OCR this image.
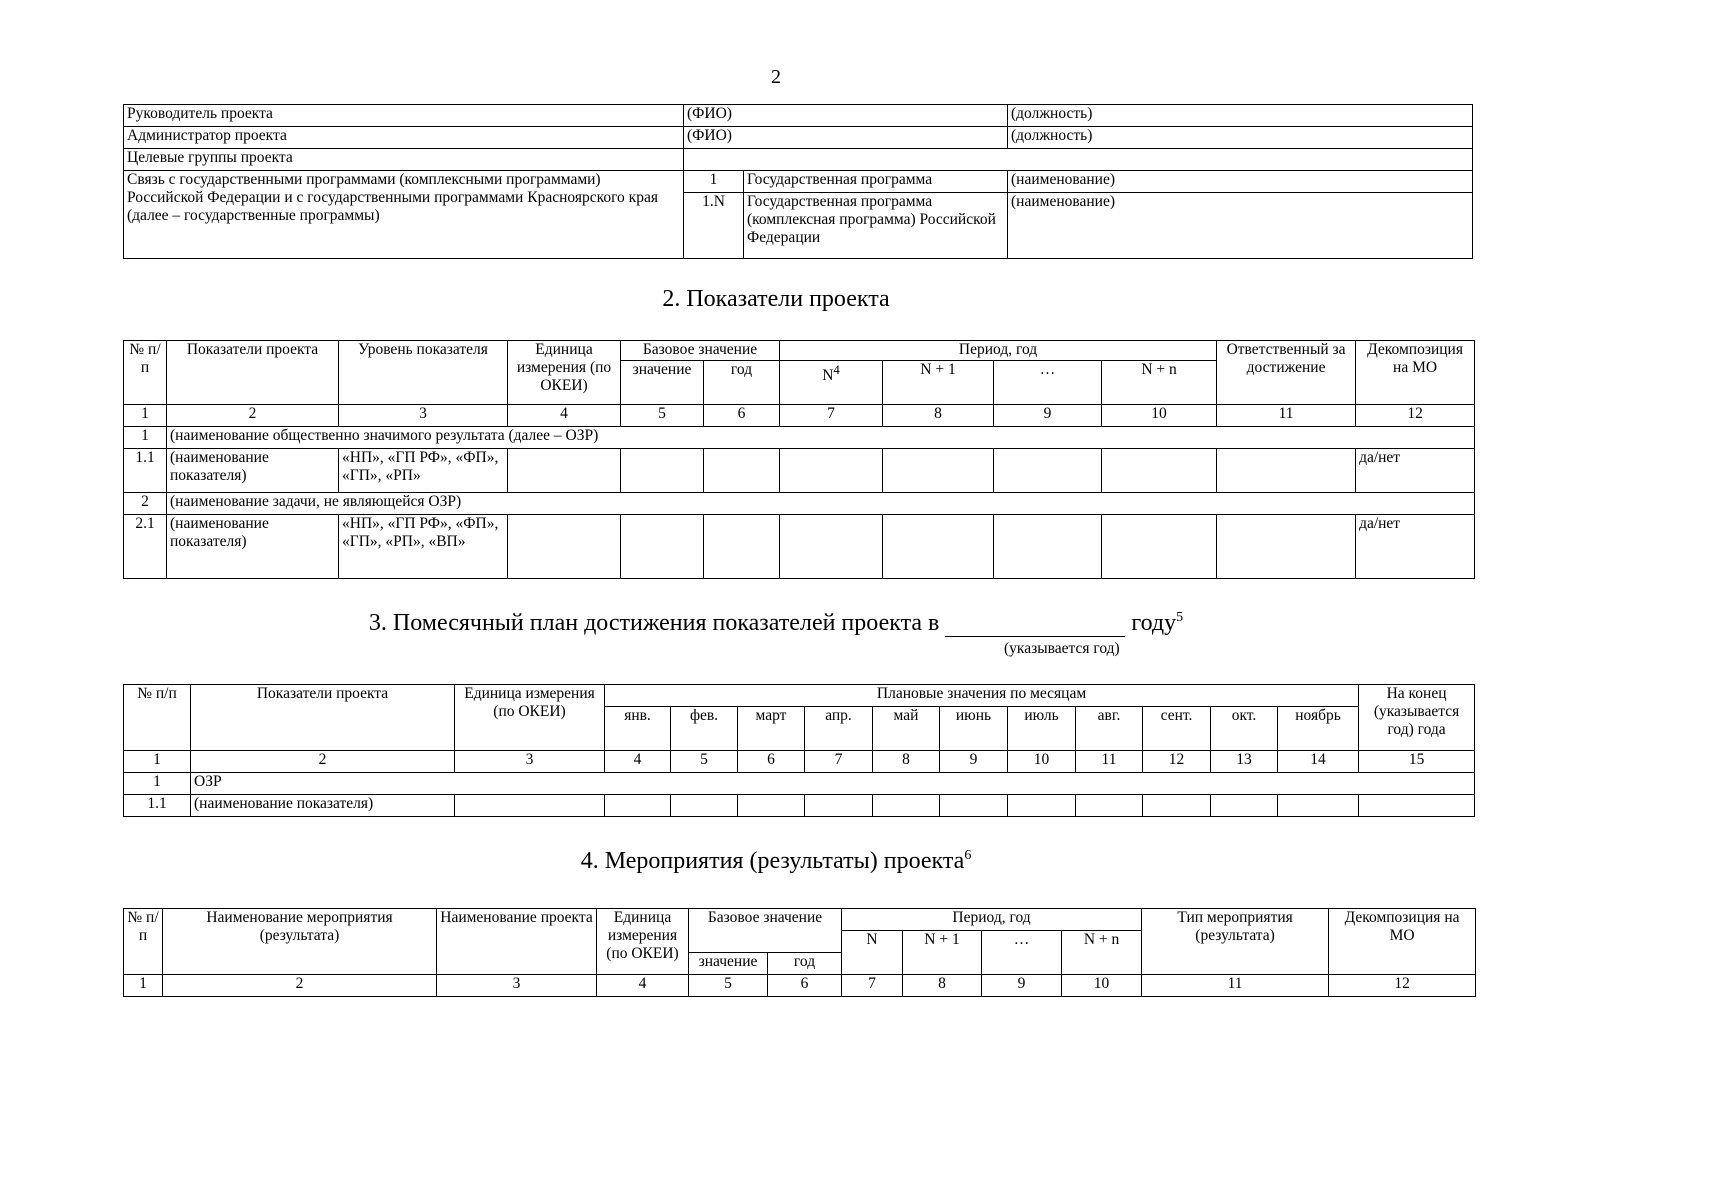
2
Руководитель проекта	(ФИО)		(должность)
Администратор проекта	(ФИО)		(должность)
Целевые группы проекта			
Связь с государственными программами (комплексными программами) Российской Федерации и с государственными программами Красноярского края (далее – государственные программы)	1	Государственная программа	(наименование)
	1.N	Государственная программа (комплексная программа) Российской Федерации	(наименование)
2. Показатели проекта
№ п/п	Показатели проекта	Уровень показателя	Единица измерения (по ОКЕИ)	Базовое значение		Период, год				Ответственный за достижение	Декомпозиция на МО
				значение	год	$N^4$	N + 1	…	N + n		
1	2	3	4	5	6	7	8	9	10	11	12
1	(наименование общественно значимого результата (далее – ОЗР)										
1.1	(наименование показателя)	«НП», «ГП РФ», «ФП», «ГП», «РП»									да/нет
2	(наименование задачи, не являющейся ОЗР)										
2.1	(наименование показателя)	«НП», «ГП РФ», «ФП», «ГП», «РП», «ВП»									да/нет
3. Помесячный план достижения показателей проекта в	году$^5$
(указывается год)
№ п/п	Показатели проекта	Единица измерения (по ОКЕИ)	Плановые значения по месяцам											На конец (указывается год) года
			янв.	фев.	март	апр.	май	июнь	июль	авг.	сент.	окт.	ноябрь	
1	2	3	4	5	6	7	8	9	10	11	12	13	14	15
1	ОЗР													
1.1	(наименование показателя)													
4. Мероприятия (результаты) проекта$^6$
№ п/п	Наименование мероприятия (результата)	Наименование проекта	Единица измерения (по ОКЕИ)	Базовое значение		Период, год				Тип мероприятия (результата)	Декомпозиция на МО
						N	N + 1	…	N + n		
				значение	год						
1	2	3	4	5	6	7	8	9	10	11	12
